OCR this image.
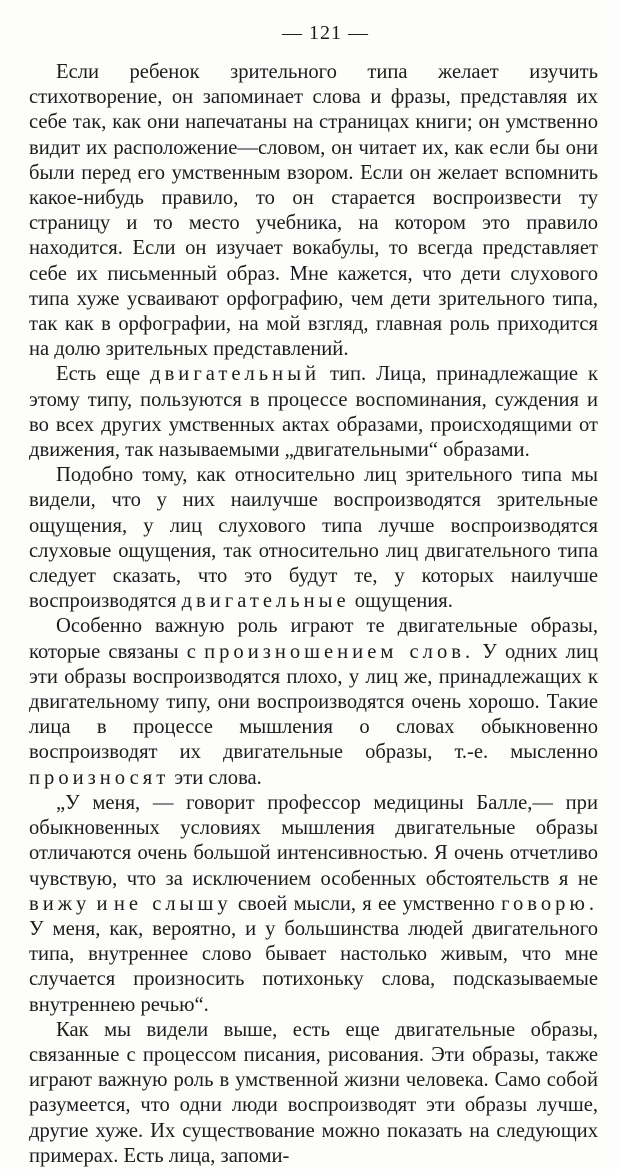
— 121 —

Если ребенок зрительного типа желает изучить стихотворение, он запоминает слова и фразы, представляя их себе так, как они напечатаны на страницах книги; он умственно видит их расположение—словом, он читает их, как если бы они были перед его умственным взором. Если он желает вспомнить какое-нибудь правило, то он старается воспроизвести ту страницу и то место учебника, на котором это правило находится. Если он изучает вокабулы, то всегда представляет себе их письменный образ. Мне кажется, что дети слухового типа хуже усваивают орфографию, чем дети зрительного типа, так как в орфографии, на мой взгляд, главная роль приходится на долю зрительных представлений.

Есть еще двигательный тип. Лица, принадлежащие к этому типу, пользуются в процессе воспоминания, суждения и во всех других умственных актах образами, происходящими от движения, так называемыми „двигательными“ образами.

Подобно тому, как относительно лиц зрительного типа мы видели, что у них наилучше воспроизводятся зрительные ощущения, у лиц слухового типа лучше воспроизводятся слуховые ощущения, так относительно лиц двигательного типа следует сказать, что это будут те, у которых наилучше воспроизводятся двигательные ощущения.

Особенно важную роль играют те двигательные образы, которые связаны с произношением слов. У одних лиц эти образы воспроизводятся плохо, у лиц же, принадлежащих к двигательному типу, они воспроизводятся очень хорошо. Такие лица в процессе мышления о словах обыкновенно воспроизводят их двигательные образы, т.-е. мысленно произносят эти слова.

„У меня, — говорит профессор медицины Балле,— при обыкновенных условиях мышления двигательные образы отличаются очень большой интенсивностью. Я очень отчетливо чувствую, что за исключением особенных обстоятельств я не вижу и не слышу своей мысли, я ее умственно говорю. У меня, как, вероятно, и у большинства людей двигательного типа, внутреннее слово бывает настолько живым, что мне случается произносить потихоньку слова, подсказываемые внутреннею речью“.

Как мы видели выше, есть еще двигательные образы, связанные с процессом писания, рисования. Эти образы, также играют важную роль в умственной жизни человека. Само собой разумеется, что одни люди воспроизводят эти образы лучше, другие хуже. Их существование можно показать на следующих примерах. Есть лица, запоми-
